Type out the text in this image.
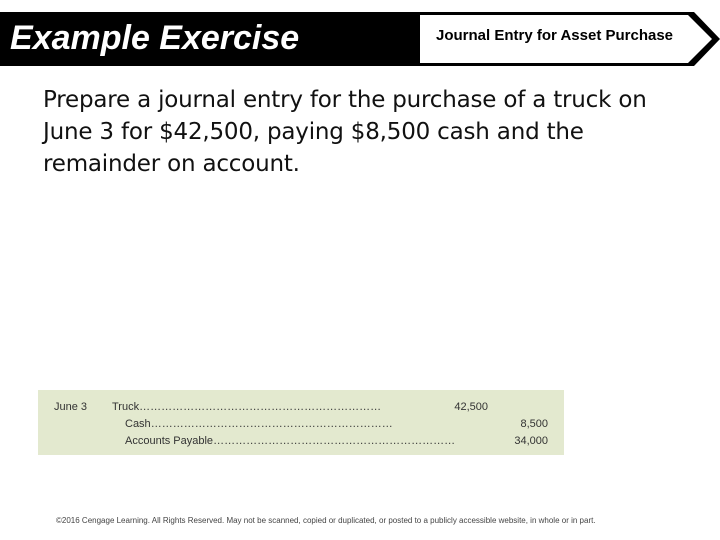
Example Exercise	Journal Entry for Asset Purchase
Prepare a journal entry for the purchase of a truck on June 3 for $42,500, paying $8,500 cash and the remainder on account.
June 3 Truck…………………………………………………………	42,500
Cash…………………………………………………………	8,500
Accounts Payable…………………………………………………………	34,000
©2016 Cengage Learning. All Rights Reserved. May not be scanned, copied or duplicated, or posted to a publicly accessible website, in whole or in part.
